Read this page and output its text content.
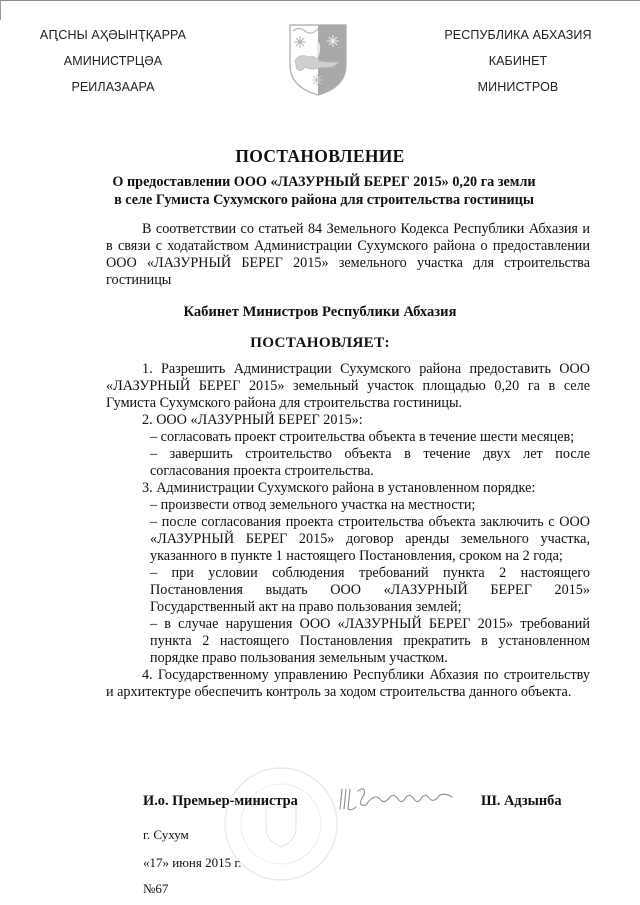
АԤСНЫ АҲӘЫНҬҚАРРА
АМИНИСТРЦӘА
РЕИЛАЗААРА
РЕСПУБЛИКА АБХАЗИЯ
КАБИНЕТ
МИНИСТРОВ
ПОСТАНОВЛЕНИЕ
О предоставлении ООО «ЛАЗУРНЫЙ БЕРЕГ 2015» 0,20 га земли
в селе Гумиста Сухумского района для строительства гостиницы

В соответствии со статьей 84 Земельного Кодекса Республики Абхазия и в связи с ходатайством Администрации Сухумского района о предоставлении ООО «ЛАЗУРНЫЙ БЕРЕГ 2015» земельного участка для строительства гостиницы

Кабинет Министров Республики Абхазия
ПОСТАНОВЛЯЕТ:

1. Разрешить Администрации Сухумского района предоставить ООО «ЛАЗУРНЫЙ БЕРЕГ 2015» земельный участок площадью 0,20 га в селе Гумиста Сухумского района для строительства гостиницы.

2. ООО «ЛАЗУРНЫЙ БЕРЕГ 2015»:

– согласовать проект строительства объекта в течение шести месяцев;

– завершить строительство объекта в течение двух лет после согласования проекта строительства.

3. Администрации Сухумского района в установленном порядке:

– произвести отвод земельного участка на местности;

– после согласования проекта строительства объекта заключить с ООО «ЛАЗУРНЫЙ БЕРЕГ 2015» договор аренды земельного участка, указанного в пункте 1 настоящего Постановления, сроком на 2 года;

– при условии соблюдения требований пункта 2 настоящего Постановления выдать ООО «ЛАЗУРНЫЙ БЕРЕГ 2015» Государственный акт на право пользования землей;

– в случае нарушения ООО «ЛАЗУРНЫЙ БЕРЕГ 2015» требований пункта 2 настоящего Постановления прекратить в установленном порядке право пользования земельным участком.

4. Государственному управлению Республики Абхазия по строительству и архитектуре обеспечить контроль за ходом строительства данного объекта.

И.о. Премьер-министра	Ш. Адзынба
г. Сухум
«17» июня 2015 г.
№67
